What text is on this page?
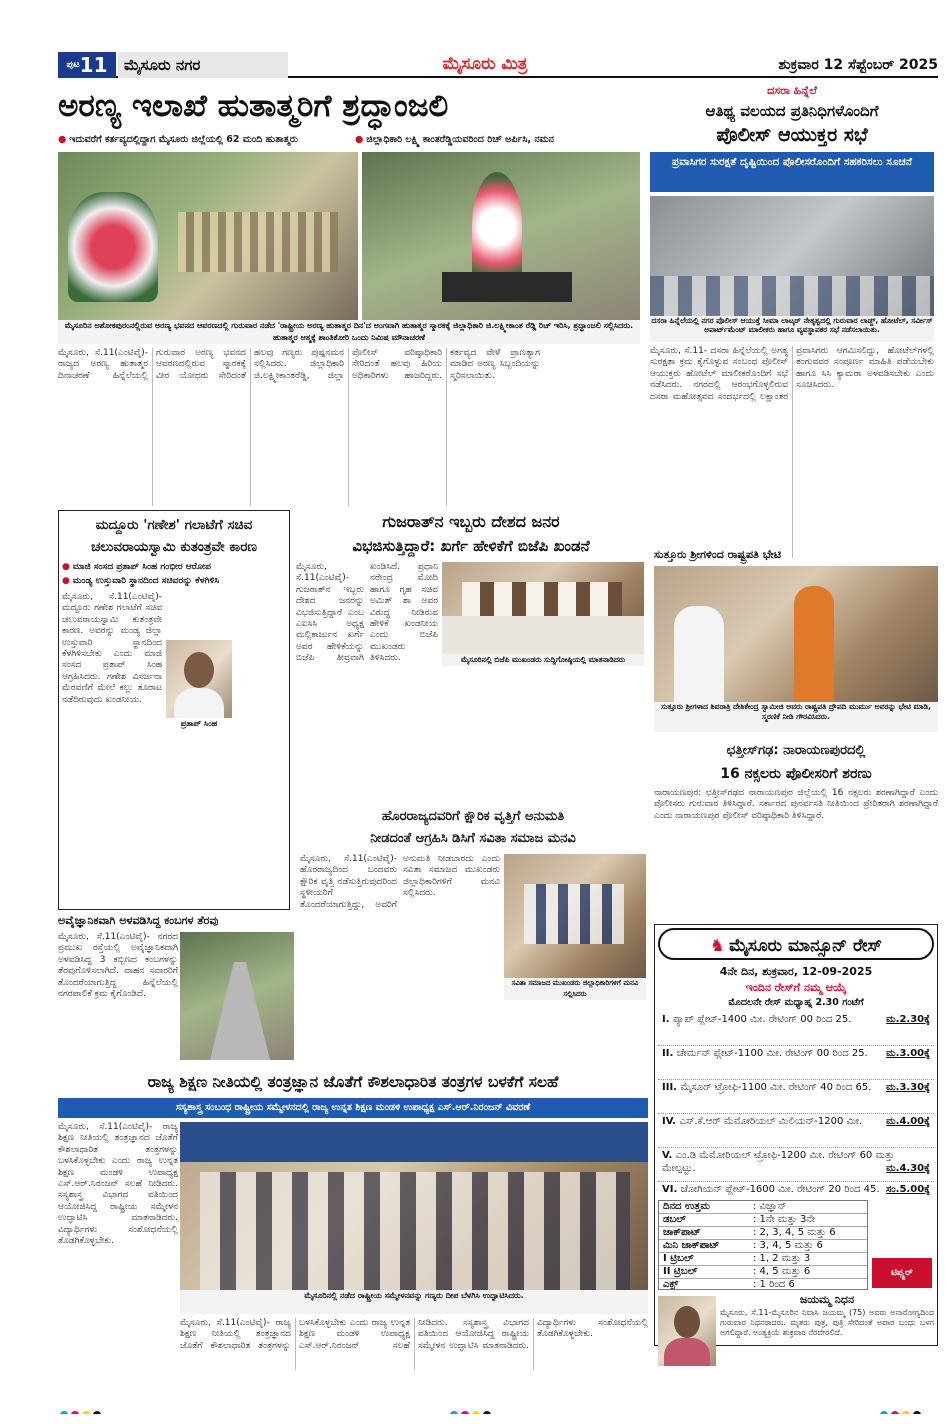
$^{ಪುಟ}$11	ಮೈಸೂರು ನಗರ	ಮೈಸೂರು ಮಿತ್ರ	ಶುಕ್ರವಾರ 12 ಸೆಪ್ಟೆಂಬರ್ 2025
ಅರಣ್ಯ ಇಲಾಖೆ ಹುತಾತ್ಮರಿಗೆ ಶ್ರದ್ಧಾಂಜಲಿ
● ಇದುವರೆಗೆ ಕರ್ತವ್ಯದಲ್ಲಿದ್ದಾಗ ಮೈಸೂರು ಜಿಲ್ಲೆಯಲ್ಲಿ 62 ಮಂದಿ ಹುತಾತ್ಮರು	● ಜಿಲ್ಲಾಧಿಕಾರಿ ಲಕ್ಷ್ಮಿ ಕಾಂತರೆಡ್ಡಿಯವರಿಂದ ರಿಚ್ ಅರ್ಪಿಸಿ, ನಮನ
ಮೈಸೂರಿನ ಅಶೋಕಪುರಂನಲ್ಲಿರುವ ಅರಣ್ಯ ಭವನದ ಆವರಣದಲ್ಲಿ ಗುರುವಾರ ನಡೆದ 'ರಾಷ್ಟ್ರೀಯ ಅರಣ್ಯ ಹುತಾತ್ಮರ ದಿನ'ದ ಅಂಗವಾಗಿ ಹುತಾತ್ಮರ ಸ್ಮಾರಕಕ್ಕೆ ಜಿಲ್ಲಾಧಿಕಾರಿ ಜಿ.ಲಕ್ಷ್ಮೀಕಾಂತ ರೆಡ್ಡಿ ರಿಚ್ ಇರಿಸಿ, ಶ್ರದ್ಧಾಂಜಲಿ ಸಲ್ಲಿಸಿದರು. ಹುತಾತ್ಮರ ಆತ್ಮಕ್ಕೆ ಶಾಂತಿಕೋರಿ ಒಂದು ನಿಮಿಷ ಮೌನಾಚರಣೆ
ಮೈಸೂರು, ಸೆ.11(ಎಂಟಿವೈ)- ರಾಜ್ಯದ ಅರಣ್ಯ ಹುತಾತ್ಮರ ದಿನಾಚರಣೆ ಹಿನ್ನೆಲೆಯಲ್ಲಿ ಗುರುವಾರ ಅರಣ್ಯ ಭವನದ ಆವರಣದಲ್ಲಿರುವ ಸ್ಮಾರಕಕ್ಕೆ ವೀರ ಯೋಧರು ಸೇರಿದಂತೆ ಹಲವು ಗಣ್ಯರು ಪುಷ್ಪನಮನ ಸಲ್ಲಿಸಿದರು. ಜಿಲ್ಲಾಧಿಕಾರಿ ಜಿ.ಲಕ್ಷ್ಮೀಕಾಂತರೆಡ್ಡಿ, ಜಿಲ್ಲಾ ಪೊಲೀಸ್ ವರಿಷ್ಠಾಧಿಕಾರಿ ಸೇರಿದಂತೆ ಹಲವು ಹಿರಿಯ ಅಧಿಕಾರಿಗಳು ಹಾಜರಿದ್ದರು. ಕರ್ತವ್ಯದ ವೇಳೆ ಪ್ರಾಣತ್ಯಾಗ ಮಾಡಿದ ಅರಣ್ಯ ಸಿಬ್ಬಂದಿಯನ್ನು ಸ್ಮರಿಸಲಾಯಿತು.
ದಸರಾ ಹಿನ್ನೆಲೆ
ಆತಿಥ್ಯ ವಲಯದ ಪ್ರತಿನಿಧಿಗಳೊಂದಿಗೆ
ಪೊಲೀಸ್ ಆಯುಕ್ತರ ಸಭೆ
ಪ್ರವಾಸಿಗರ ಸುರಕ್ಷತೆ ದೃಷ್ಟಿಯಿಂದ ಪೊಲೀಸರೊಂದಿಗೆ ಸಹಕರಿಸಲು ಸೂಚನೆ
ದಸರಾ ಹಿನ್ನೆಲೆಯಲ್ಲಿ ನಗರ ಪೊಲೀಸ್ ಆಯುಕ್ತೆ ಸೀಮಾ ಲಾಟ್ಕರ್ ನೇತೃತ್ವದಲ್ಲಿ ಗುರುವಾರ ಲಾಡ್ಜ್, ಹೋಟೆಲ್, ಸರ್ವೀಸ್ ಅಪಾರ್ಟ್‌ಮೆಂಟ್ ಮಾಲೀಕರು ಹಾಗೂ ವ್ಯವಸ್ಥಾಪಕರ ಸಭೆ ನಡೆಸಲಾಯಿತು.
ಮೈಸೂರು, ಸೆ.11- ದಸರಾ ಹಿನ್ನೆಲೆಯಲ್ಲಿ ಅಗತ್ಯ ಸುರಕ್ಷತಾ ಕ್ರಮ ಕೈಗೊಳ್ಳುವ ಸಂಬಂಧ ಪೊಲೀಸ್ ಆಯುಕ್ತರು ಹೋಟೆಲ್ ಮಾಲೀಕರೊಂದಿಗೆ ಸಭೆ ನಡೆಸಿದರು. ನಗರದಲ್ಲಿ ಆರಂಭಗೊಳ್ಳಲಿರುವ ದಸರಾ ಮಹೋತ್ಸವದ ಸಂದರ್ಭದಲ್ಲಿ ಲಕ್ಷಾಂತರ ಪ್ರವಾಸಿಗರು ಆಗಮಿಸಲಿದ್ದು, ಹೋಟೆಲ್‌ಗಳಲ್ಲಿ ತಂಗುವವರ ಸಂಪೂರ್ಣ ಮಾಹಿತಿ ಪಡೆಯಬೇಕು ಹಾಗೂ ಸಿಸಿ ಕ್ಯಾಮರಾ ಅಳವಡಿಸಬೇಕು ಎಂದು ಸೂಚಿಸಿದರು.
ಮದ್ದೂರು 'ಗಣೇಶ' ಗಲಾಟೆಗೆ ಸಚಿವ
ಚಲುವರಾಯಸ್ವಾಮಿ ಕುತಂತ್ರವೇ ಕಾರಣ
● ಮಾಜಿ ಸಂಸದ ಪ್ರತಾಪ್ ಸಿಂಹ ಗಂಭೀರ ಆರೋಪ
● ಮಂಡ್ಯ ಉಸ್ತುವಾರಿ ಸ್ಥಾನದಿಂದ ಸಚಿವರನ್ನು ಕೆಳಗಿಳಿಸಿ
ಪ್ರತಾಪ್ ಸಿಂಹ
ಮೈಸೂರು, ಸೆ.11(ಎಂಟಿವೈ)- ಮದ್ದೂರು ಗಣೇಶ ಗಲಾಟೆಗೆ ಸಚಿವ ಚಲುವರಾಯಸ್ವಾಮಿ ಕುತಂತ್ರವೇ ಕಾರಣ. ಅವರನ್ನು ಮಂಡ್ಯ ಜಿಲ್ಲಾ ಉಸ್ತುವಾರಿ ಸ್ಥಾನದಿಂದ ಕೆಳಗಿಳಿಸಬೇಕು ಎಂದು ಮಾಜಿ ಸಂಸದ ಪ್ರತಾಪ್ ಸಿಂಹ ಆಗ್ರಹಿಸಿದರು. ಗಣೇಶ ವಿಸರ್ಜನಾ ಮೆರವಣಿಗೆ ಮೇಲೆ ಕಲ್ಲು ತೂರಾಟ ನಡೆದಿರುವುದು ಖಂಡನೀಯ.
ಗುಜರಾತ್‌ನ ಇಬ್ಬರು ದೇಶದ ಜನರ
ವಿಭಜಿಸುತ್ತಿದ್ದಾರೆ: ಖರ್ಗೆ ಹೇಳಿಕೆಗೆ ಬಿಜೆಪಿ ಖಂಡನೆ
ಮೈಸೂರಿನಲ್ಲಿ ಬಿಜೆಪಿ ಮುಖಂಡರು ಸುದ್ದಿಗೋಷ್ಠಿಯಲ್ಲಿ ಮಾತನಾಡಿದರು
ಮೈಸೂರು, ಸೆ.11(ಎಂಟಿವೈ)- ಗುಜರಾತ್‌ನ ಇಬ್ಬರು ದೇಶದ ಜನರನ್ನು ವಿಭಜಿಸುತ್ತಿದ್ದಾರೆ ಎಂಬ ಎಐಸಿಸಿ ಅಧ್ಯಕ್ಷ ಮಲ್ಲಿಕಾರ್ಜುನ ಖರ್ಗೆ ಅವರ ಹೇಳಿಕೆಯನ್ನು ಬಿಜೆಪಿ ತೀವ್ರವಾಗಿ ಖಂಡಿಸಿದೆ. ಪ್ರಧಾನಿ ನರೇಂದ್ರ ಮೋದಿ ಹಾಗೂ ಗೃಹ ಸಚಿವ ಅಮಿತ್ ಶಾ ಅವರ ವಿರುದ್ಧ ನೀಡಿರುವ ಹೇಳಿಕೆ ಖಂಡನೀಯ ಎಂದು ಬಿಜೆಪಿ ಮುಖಂಡರು ತಿಳಿಸಿದರು.
ಸುತ್ತೂರು ಶ್ರೀಗಳಿಂದ ರಾಷ್ಟ್ರಪತಿ ಭೇಟಿ
ಸುತ್ತೂರು ಶ್ರೀಗಳಾದ ಶಿವರಾತ್ರಿ ದೇಶಿಕೇಂದ್ರ ಸ್ವಾಮೀಜಿ ಅವರು ರಾಷ್ಟ್ರಪತಿ ದ್ರೌಪದಿ ಮುರ್ಮು ಅವರನ್ನು ಭೇಟಿ ಮಾಡಿ, ಸ್ಮರಣಿಕೆ ನೀಡಿ ಗೌರವಿಸಿದರು.
ಛತ್ತೀಸ್‌ಗಢ: ನಾರಾಯಣಪುರದಲ್ಲಿ
16 ನಕ್ಸಲರು ಪೊಲೀಸರಿಗೆ ಶರಣು
ನಾರಾಯಣಪುರ: ಛತ್ತೀಸ್‌ಗಢದ ನಾರಾಯಣಪುರ ಜಿಲ್ಲೆಯಲ್ಲಿ 16 ನಕ್ಸಲರು ಶರಣಾಗಿದ್ದಾರೆ ಎಂದು ಪೊಲೀಸರು ಗುರುವಾರ ತಿಳಿಸಿದ್ದಾರೆ. ಸರ್ಕಾರದ ಪುನರ್ವಸತಿ ನೀತಿಯಿಂದ ಪ್ರೇರಿತರಾಗಿ ಶರಣಾಗಿದ್ದಾರೆ ಎಂದು ನಾರಾಯಣಪುರ ಪೊಲೀಸ್ ವರಿಷ್ಠಾಧಿಕಾರಿ ತಿಳಿಸಿದ್ದಾರೆ.
ಅವೈಜ್ಞಾನಿಕವಾಗಿ ಅಳವಡಿಸಿದ್ದ ಕಂಬಗಳ ತೆರವು
ಮೈಸೂರು, ಸೆ.11(ಎಂಟಿವೈ)- ನಗರದ ಪ್ರಮುಖ ರಸ್ತೆಯಲ್ಲಿ ಅವೈಜ್ಞಾನಿಕವಾಗಿ ಅಳವಡಿಸಿದ್ದ 3 ಕಬ್ಬಿಣದ ಕಂಬಗಳನ್ನು ತೆರವುಗೊಳಿಸಲಾಗಿದೆ. ವಾಹನ ಸವಾರರಿಗೆ ತೊಂದರೆಯಾಗುತ್ತಿದ್ದ ಹಿನ್ನೆಲೆಯಲ್ಲಿ ನಗರಪಾಲಿಕೆ ಕ್ರಮ ಕೈಗೊಂಡಿದೆ.
ಹೊರರಾಜ್ಯದವರಿಗೆ ಕ್ಷೌರಿಕ ವೃತ್ತಿಗೆ ಅನುಮತಿ
ನೀಡದಂತೆ ಆಗ್ರಹಿಸಿ ಡಿಸಿಗೆ ಸವಿತಾ ಸಮಾಜ ಮನವಿ
ಮೈಸೂರು, ಸೆ.11(ಎಂಟಿವೈ)- ಹೊರರಾಜ್ಯದಿಂದ ಬಂದವರು ಕ್ಷೌರಿಕ ವೃತ್ತಿ ನಡೆಸುತ್ತಿರುವುದರಿಂದ ಸ್ಥಳೀಯರಿಗೆ ತೊಂದರೆಯಾಗುತ್ತಿದ್ದು, ಅವರಿಗೆ ಅನುಮತಿ ನೀಡಬಾರದು ಎಂದು ಸವಿತಾ ಸಮಾಜದ ಮುಖಂಡರು ಜಿಲ್ಲಾಧಿಕಾರಿಗಳಿಗೆ ಮನವಿ ಸಲ್ಲಿಸಿದರು.
ಸವಿತಾ ಸಮಾಜದ ಮುಖಂಡರು ಜಿಲ್ಲಾಧಿಕಾರಿಗಳಿಗೆ ಮನವಿ ಸಲ್ಲಿಸಿದರು
♞ ಮೈಸೂರು ಮಾನ್ಸೂನ್ ರೇಸ್
4ನೇ ದಿನ, ಶುಕ್ರವಾರ, 12-09-2025
ಇಂದಿನ ರೇಸ್‌ಗೆ ನಮ್ಮ ಆಯ್ಕೆ
ಮೊದಲನೇ ರೇಸ್ ಮಧ್ಯಾಹ್ನ 2.30 ಗಂಟೆಗೆ
I. ಪ್ಯಾಪ್ ಪ್ಲೇಟ್-1400 ಮೀ. ರೇಟಿಂಗ್ 00 ರಿಂದ 25.	ಮ.2.30ಕ್ಕೆ
II. ಚೇರ್ಮನ್ ಪ್ಲೇಟ್-1100 ಮೀ. ರೇಟಿಂಗ್ 00 ರಿಂದ 25. ಮ.3.00ಕ್ಕೆ
III. ಮೈಸೂರ್ ಟ್ರೋಫಿ-1100 ಮೀ. ರೇಟಿಂಗ್ 40 ರಿಂದ 65. ಮ.3.30ಕ್ಕೆ
IV. ಎಸ್.ಕೆ.ಆರ್ ಮೆಮೋರಿಯಲ್ ಮಿಲಿಯನ್-1200 ಮೀ. ಮ.4.00ಕ್ಕೆ
V. ಎಂ.ಡಿ ಮೆಮೋರಿಯಲ್ ಟ್ರೋಫಿ-1200 ಮೀ. ರೇಟಿಂಗ್ 60 ಮತ್ತು ಮೇಲ್ಪಟ್ಟು.	ಮ.4.30ಕ್ಕೆ
VI. ಜೋಗಿಯನ್ ಪ್ಲೇಟ್-1600 ಮೀ. ರೇಟಿಂಗ್ 20 ರಿಂದ 45. ಸಂ.5.00ಕ್ಕೆ
ದಿನದ ಉತ್ತಮ	: ವಿಜ್ಞಾನ್
ಡಬಲ್	: 1ನೇ ಮತ್ತು 3ನೇ
ಜಾಕ್‌ಪಾಟ್	: 2, 3, 4, 5 ಮತ್ತು 6
ಮಿನಿ ಜಾಕ್‌ಪಾಟ್	: 3, 4, 5 ಮತ್ತು 6
I ಟ್ರಿಬಲ್	: 1, 2 ಮತ್ತು 3
II ಟ್ರಿಬಲ್	: 4, 5 ಮತ್ತು 6
ಎಕ್ಸ್	: 1 ರಿಂದ 6
ಟಿಪ್ಸ್ಟರ್
ಜಯಮ್ಮ ನಿಧನ
ಮೈಸೂರು, ಸೆ.11-ಮೈಸೂರಿನ ನಿವಾಸಿ ಜಯಮ್ಮ (75) ಅವರು ಅನಾರೋಗ್ಯದಿಂದ ಗುರುವಾರ ನಿಧನರಾದರು. ಮೃತರು ಪುತ್ರ, ಪುತ್ರಿ ಸೇರಿದಂತೆ ಅಪಾರ ಬಂಧು ಬಳಗ ಅಗಲಿದ್ದಾರೆ. ಅಂತ್ಯಕ್ರಿಯೆ ಶುಕ್ರವಾರ ನೆರವೇರಲಿದೆ.
ರಾಜ್ಯ ಶಿಕ್ಷಣ ನೀತಿಯಲ್ಲಿ ತಂತ್ರಜ್ಞಾನ ಜೊತೆಗೆ ಕೌಶಲಾಧಾರಿತ ತಂತ್ರಗಳ ಬಳಕೆಗೆ ಸಲಹೆ
ಸಸ್ಯಶಾಸ್ತ್ರ ಸಂಬಂಧ ರಾಷ್ಟ್ರೀಯ ಸಮ್ಮೇಳನದಲ್ಲಿ ರಾಜ್ಯ ಉನ್ನತ ಶಿಕ್ಷಣ ಮಂಡಳಿ ಉಪಾಧ್ಯಕ್ಷ ಎಸ್.ಆರ್.ನಿರಂಜನ್ ವಿವರಣೆ
ಮೈಸೂರು, ಸೆ.11(ಎಂಟಿವೈ)- ರಾಜ್ಯ ಶಿಕ್ಷಣ ನೀತಿಯಲ್ಲಿ ತಂತ್ರಜ್ಞಾನದ ಜೊತೆಗೆ ಕೌಶಲಾಧಾರಿತ ತಂತ್ರಗಳನ್ನು ಬಳಸಿಕೊಳ್ಳಬೇಕು ಎಂದು ರಾಜ್ಯ ಉನ್ನತ ಶಿಕ್ಷಣ ಮಂಡಳಿ ಉಪಾಧ್ಯಕ್ಷ ಎಸ್.ಆರ್.ನಿರಂಜನ್ ಸಲಹೆ ನೀಡಿದರು. ಸಸ್ಯಶಾಸ್ತ್ರ ವಿಭಾಗದ ವತಿಯಿಂದ ಆಯೋಜಿಸಿದ್ದ ರಾಷ್ಟ್ರೀಯ ಸಮ್ಮೇಳನ ಉದ್ಘಾಟಿಸಿ ಮಾತನಾಡಿದರು. ವಿದ್ಯಾರ್ಥಿಗಳು ಸಂಶೋಧನೆಯಲ್ಲಿ ತೊಡಗಿಕೊಳ್ಳಬೇಕು.
ಮೈಸೂರಿನಲ್ಲಿ ನಡೆದ ರಾಷ್ಟ್ರೀಯ ಸಮ್ಮೇಳನವನ್ನು ಗಣ್ಯರು ದೀಪ ಬೆಳಗಿಸಿ ಉದ್ಘಾಟಿಸಿದರು.
ಮೈಸೂರು, ಸೆ.11(ಎಂಟಿವೈ)- ರಾಜ್ಯ ಶಿಕ್ಷಣ ನೀತಿಯಲ್ಲಿ ತಂತ್ರಜ್ಞಾನದ ಜೊತೆಗೆ ಕೌಶಲಾಧಾರಿತ ತಂತ್ರಗಳನ್ನು ಬಳಸಿಕೊಳ್ಳಬೇಕು ಎಂದು ರಾಜ್ಯ ಉನ್ನತ ಶಿಕ್ಷಣ ಮಂಡಳಿ ಉಪಾಧ್ಯಕ್ಷ ಎಸ್.ಆರ್.ನಿರಂಜನ್ ಸಲಹೆ ನೀಡಿದರು. ಸಸ್ಯಶಾಸ್ತ್ರ ವಿಭಾಗದ ವತಿಯಿಂದ ಆಯೋಜಿಸಿದ್ದ ರಾಷ್ಟ್ರೀಯ ಸಮ್ಮೇಳನ ಉದ್ಘಾಟಿಸಿ ಮಾತನಾಡಿದರು. ವಿದ್ಯಾರ್ಥಿಗಳು ಸಂಶೋಧನೆಯಲ್ಲಿ ತೊಡಗಿಕೊಳ್ಳಬೇಕು.
